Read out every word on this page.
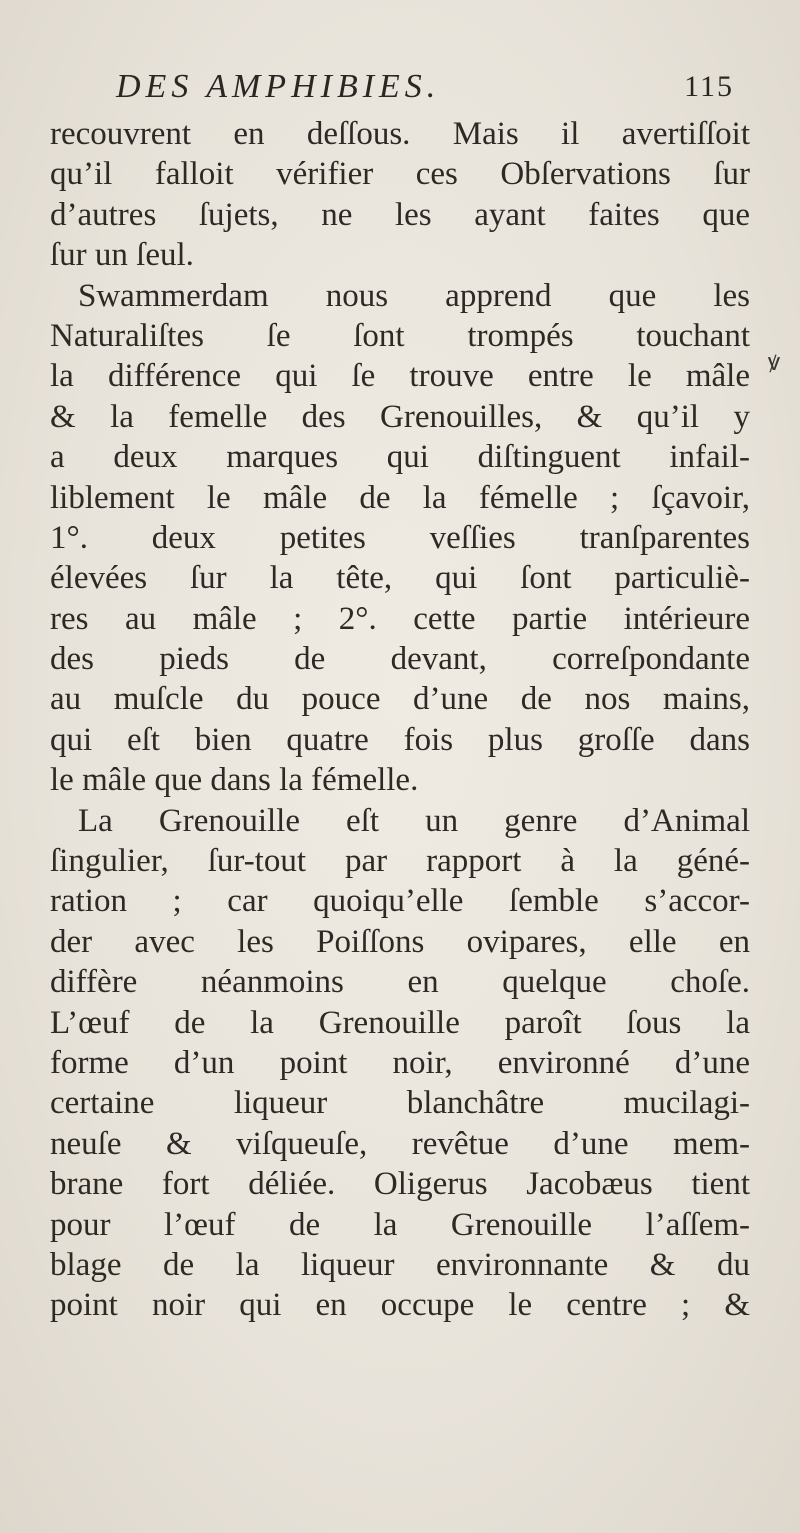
DES AMPHIBIES.	115
recouvrent en deſſous. Mais il avertiſſoit
qu’il falloit vérifier ces Obſervations ſur
d’autres ſujets, ne les ayant faites que
ſur un ſeul.
Swammerdam nous apprend que les
Naturaliſtes ſe ſont trompés touchant
la différence qui ſe trouve entre le mâle
& la femelle des Grenouilles, & qu’il y
a deux marques qui diſtinguent infail-
liblement le mâle de la fémelle ; ſçavoir,
1°. deux petites veſſies tranſparentes
élevées ſur la tête, qui ſont particuliè-
res au mâle ; 2°. cette partie intérieure
des pieds de devant, correſpondante
au muſcle du pouce d’une de nos mains,
qui eſt bien quatre fois plus groſſe dans
le mâle que dans la fémelle.
La Grenouille eſt un genre d’Animal
ſingulier, ſur-tout par rapport à la géné-
ration ; car quoiqu’elle ſemble s’accor-
der avec les Poiſſons ovipares, elle en
diffère néanmoins en quelque choſe.
L’œuf de la Grenouille paroît ſous la
forme d’un point noir, environné d’une
certaine liqueur blanchâtre mucilagi-
neuſe & viſqueuſe, revêtue d’une mem-
brane fort déliée. Oligerus Jacobæus tient
pour l’œuf de la Grenouille l’aſſem-
blage de la liqueur environnante & du
point noir qui en occupe le centre ; &
ꝟ
